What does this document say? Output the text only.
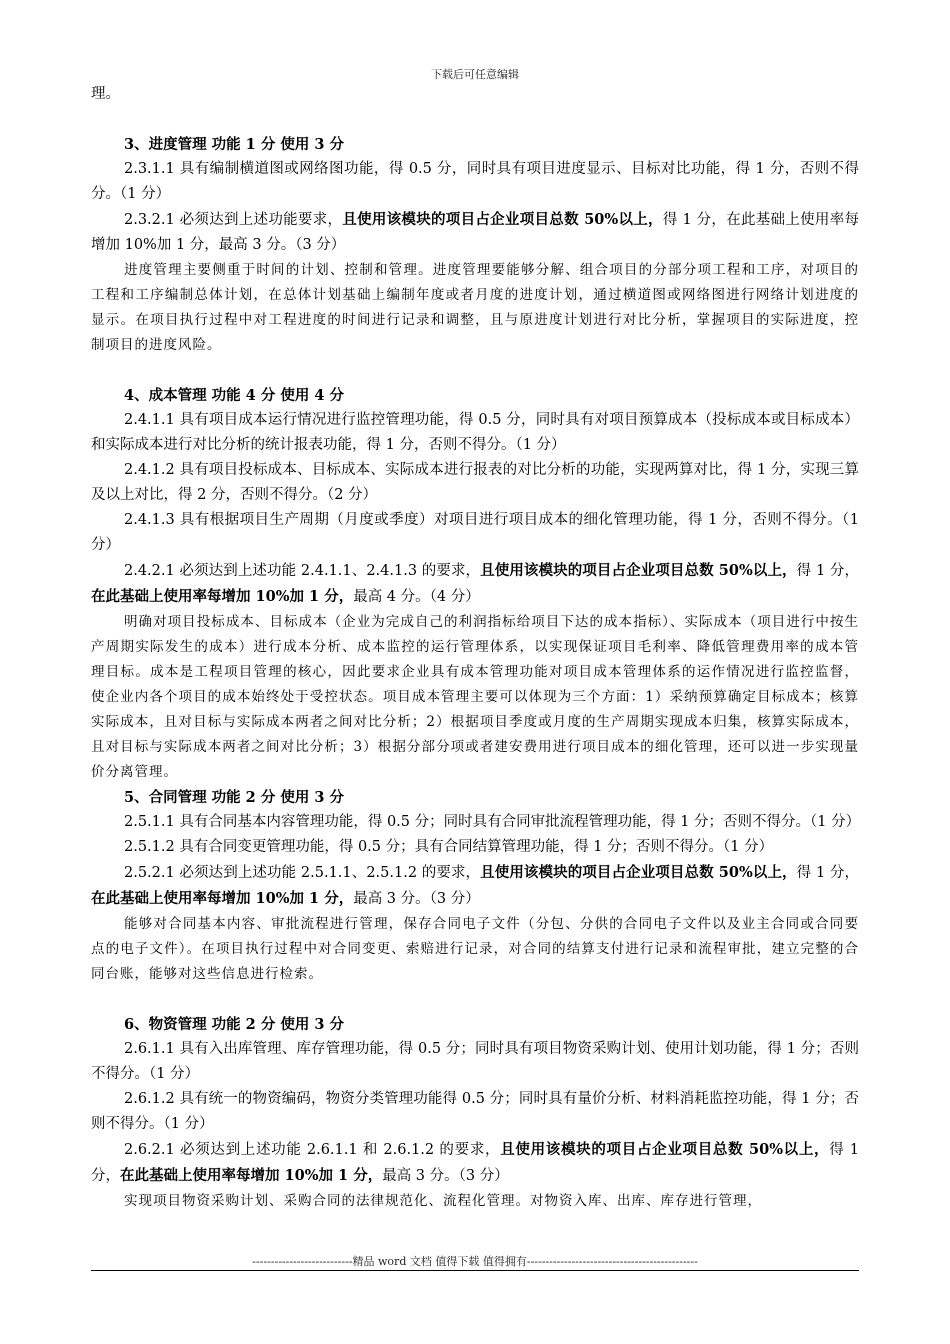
下载后可任意编辑

理。

3、进度管理 功能 1 分 使用 3 分

2.3.1.1 具有编制横道图或网络图功能，得 0.5 分，同时具有项目进度显示、目标对比功能，得 1 分，否则不得分。（1 分）

2.3.2.1 必须达到上述功能要求，且使用该模块的项目占企业项目总数 50%以上，得 1 分，在此基础上使用率每增加 10%加 1 分，最高 3 分。（3 分）

进度管理主要侧重于时间的计划、控制和管理。进度管理要能够分解、组合项目的分部分项工程和工序，对项目的工程和工序编制总体计划，在总体计划基础上编制年度或者月度的进度计划，通过横道图或网络图进行网络计划进度的显示。在项目执行过程中对工程进度的时间进行记录和调整，且与原进度计划进行对比分析，掌握项目的实际进度，控制项目的进度风险。

4、成本管理 功能 4 分 使用 4 分

2.4.1.1 具有项目成本运行情况进行监控管理功能，得 0.5 分，同时具有对项目预算成本（投标成本或目标成本）和实际成本进行对比分析的统计报表功能，得 1 分，否则不得分。（1 分）

2.4.1.2 具有项目投标成本、目标成本、实际成本进行报表的对比分析的功能，实现两算对比，得 1 分，实现三算及以上对比，得 2 分，否则不得分。（2 分）

2.4.1.3 具有根据项目生产周期（月度或季度）对项目进行项目成本的细化管理功能，得 1 分，否则不得分。（1 分）

2.4.2.1 必须达到上述功能 2.4.1.1、2.4.1.3 的要求，且使用该模块的项目占企业项目总数 50%以上，得 1 分，在此基础上使用率每增加 10%加 1 分，最高 4 分。（4 分）

明确对项目投标成本、目标成本（企业为完成自己的利润指标给项目下达的成本指标）、实际成本（项目进行中按生产周期实际发生的成本）进行成本分析、成本监控的运行管理体系，以实现保证项目毛利率、降低管理费用率的成本管理目标。成本是工程项目管理的核心，因此要求企业具有成本管理功能对项目成本管理体系的运作情况进行监控监督，使企业内各个项目的成本始终处于受控状态。项目成本管理主要可以体现为三个方面：1）采纳预算确定目标成本；核算实际成本，且对目标与实际成本两者之间对比分析；2）根据项目季度或月度的生产周期实现成本归集，核算实际成本，且对目标与实际成本两者之间对比分析；3）根据分部分项或者建安费用进行项目成本的细化管理，还可以进一步实现量价分离管理。

5、合同管理 功能 2 分 使用 3 分

2.5.1.1 具有合同基本内容管理功能，得 0.5 分；同时具有合同审批流程管理功能，得 1 分；否则不得分。（1 分）

2.5.1.2 具有合同变更管理功能，得 0.5 分；具有合同结算管理功能，得 1 分；否则不得分。（1 分）

2.5.2.1 必须达到上述功能 2.5.1.1、2.5.1.2 的要求，且使用该模块的项目占企业项目总数 50%以上，得 1 分，在此基础上使用率每增加 10%加 1 分，最高 3 分。（3 分）

能够对合同基本内容、审批流程进行管理，保存合同电子文件（分包、分供的合同电子文件以及业主合同或合同要点的电子文件）。在项目执行过程中对合同变更、索赔进行记录，对合同的结算支付进行记录和流程审批，建立完整的合同台账，能够对这些信息进行检索。

6、物资管理 功能 2 分 使用 3 分

2.6.1.1 具有入出库管理、库存管理功能，得 0.5 分；同时具有项目物资采购计划、使用计划功能，得 1 分；否则不得分。（1 分）

2.6.1.2 具有统一的物资编码，物资分类管理功能得 0.5 分；同时具有量价分析、材料消耗监控功能，得 1 分；否则不得分。（1 分）

2.6.2.1 必须达到上述功能 2.6.1.1 和 2.6.1.2 的要求，且使用该模块的项目占企业项目总数 50%以上，得 1 分，在此基础上使用率每增加 10%加 1 分，最高 3 分。（3 分）

实现项目物资采购计划、采购合同的法律规范化、流程化管理。对物资入库、出库、库存进行管理，

---------------------------精品 word 文档 值得下载 值得拥有----------------------------------------------
